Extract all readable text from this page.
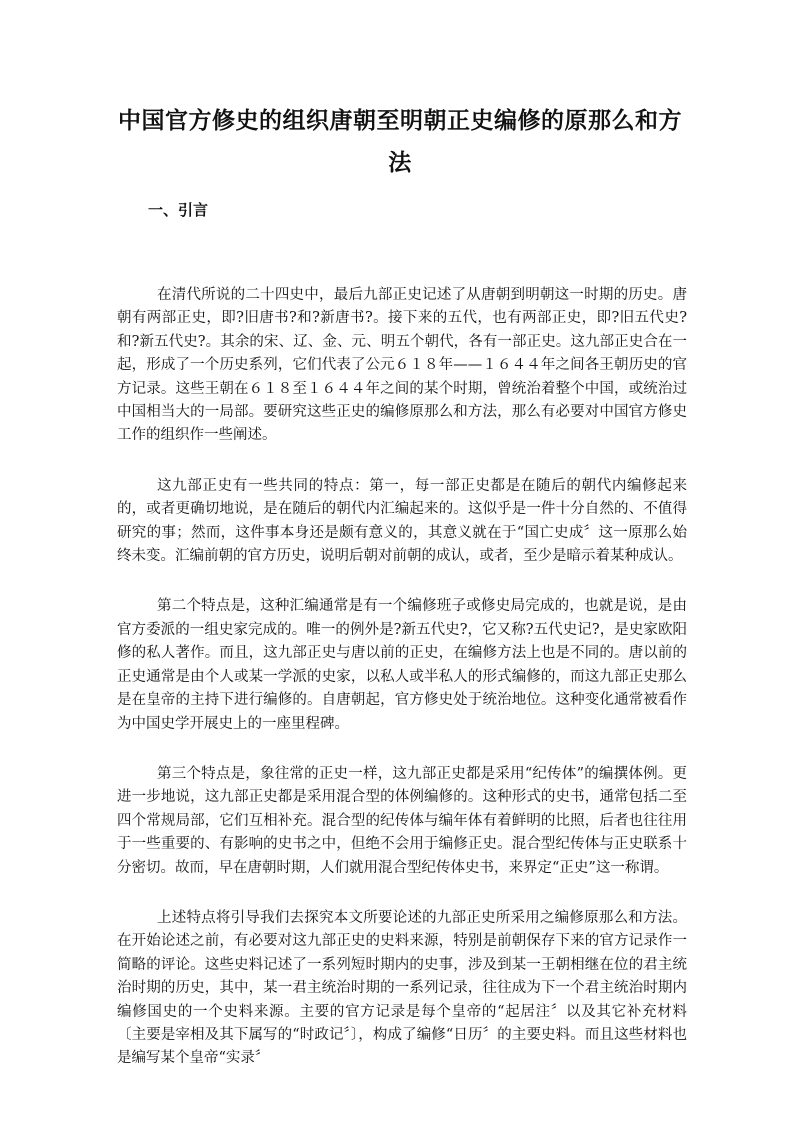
中国官方修史的组织唐朝至明朝正史编修的原那么和方法
一、引言

在清代所说的二十四史中，最后九部正史记述了从唐朝到明朝这一时期的历史。唐朝有两部正史，即?旧唐书?和?新唐书?。接下来的五代，也有两部正史，即?旧五代史?和?新五代史?。其余的宋、辽、金、元、明五个朝代，各有一部正史。这九部正史合在一起，形成了一个历史系列，它们代表了公元６１８年——１６４４年之间各王朝历史的官方记录。这些王朝在６１８至１６４４年之间的某个时期，曾统治着整个中国，或统治过中国相当大的一局部。要研究这些正史的编修原那么和方法，那么有必要对中国官方修史工作的组织作一些阐述。

这九部正史有一些共同的特点：第一，每一部正史都是在随后的朝代内编修起来的，或者更确切地说，是在随后的朝代内汇编起来的。这似乎是一件十分自然的、不值得研究的事；然而，这件事本身还是颇有意义的，其意义就在于“国亡史成〞这一原那么始终未变。汇编前朝的官方历史，说明后朝对前朝的成认，或者，至少是暗示着某种成认。

第二个特点是，这种汇编通常是有一个编修班子或修史局完成的，也就是说，是由官方委派的一组史家完成的。唯一的例外是?新五代史?，它又称?五代史记?，是史家欧阳修的私人著作。而且，这九部正史与唐以前的正史，在编修方法上也是不同的。唐以前的正史通常是由个人或某一学派的史家，以私人或半私人的形式编修的，而这九部正史那么是在皇帝的主持下进行编修的。自唐朝起，官方修史处于统治地位。这种变化通常被看作为中国史学开展史上的一座里程碑。

第三个特点是，象往常的正史一样，这九部正史都是采用“纪传体”的编撰体例。更进一步地说，这九部正史都是采用混合型的体例编修的。这种形式的史书，通常包括二至四个常规局部，它们互相补充。混合型的纪传体与编年体有着鲜明的比照，后者也往往用于一些重要的、有影响的史书之中，但绝不会用于编修正史。混合型纪传体与正史联系十分密切。故而，早在唐朝时期，人们就用混合型纪传体史书，来界定“正史”这一称谓。

上述特点将引导我们去探究本文所要论述的九部正史所采用之编修原那么和方法。在开始论述之前，有必要对这九部正史的史料来源，特别是前朝保存下来的官方记录作一简略的评论。这些史料记述了一系列短时期内的史事，涉及到某一王朝相继在位的君主统治时期的历史，其中，某一君主统治时期的一系列记录，往往成为下一个君主统治时期内编修国史的一个史料来源。主要的官方记录是每个皇帝的“起居注〞以及其它补充材料〔主要是宰相及其下属写的“时政记〞〕，构成了编修“日历〞的主要史料。而且这些材料也是编写某个皇帝“实录〞
